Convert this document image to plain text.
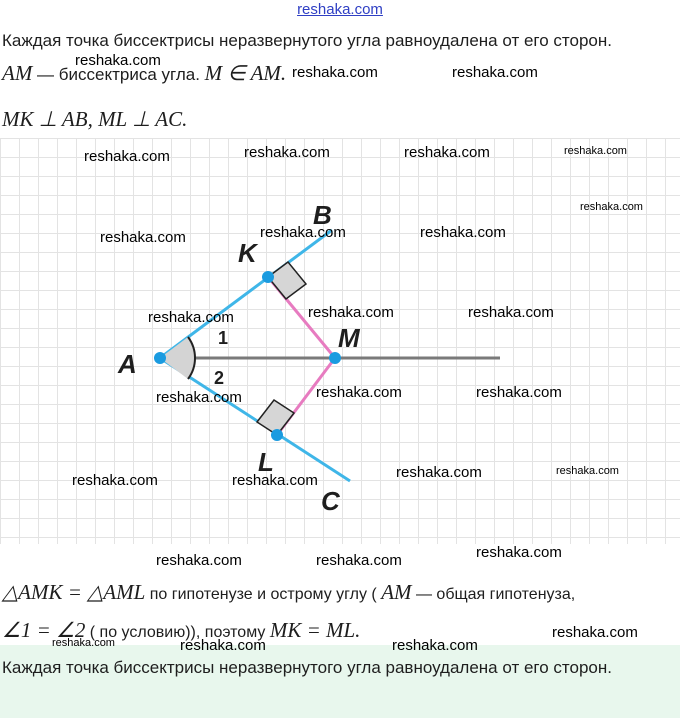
reshaka.com
Каждая точка биссектрисы неразвернутого угла равноудалена от его сторон.
AM — биссектриса угла. M ∈ AM.
MK ⊥ AB, ML ⊥ AC.
A
B
C
K
L
M
1
2
△AMK = △AML по гипотенузе и острому углу ( AM — общая гипотенуза,
∠1 = ∠2 ( по условию)), поэтому MK = ML.
Каждая точка биссектрисы неразвернутого угла равноудалена от его сторон.
reshaka.com
reshaka.com	reshaka.com
reshaka.com	reshaka.com	reshaka.com	reshaka.com
reshaka.com
reshaka.com	reshaka.com	reshaka.com
reshaka.com	reshaka.com	reshaka.com
reshaka.com	reshaka.com	reshaka.com
reshaka.com	reshaka.com	reshaka.com	reshaka.com
reshaka.com	reshaka.com	reshaka.com
reshaka.com
reshaka.com	reshaka.com	reshaka.com
